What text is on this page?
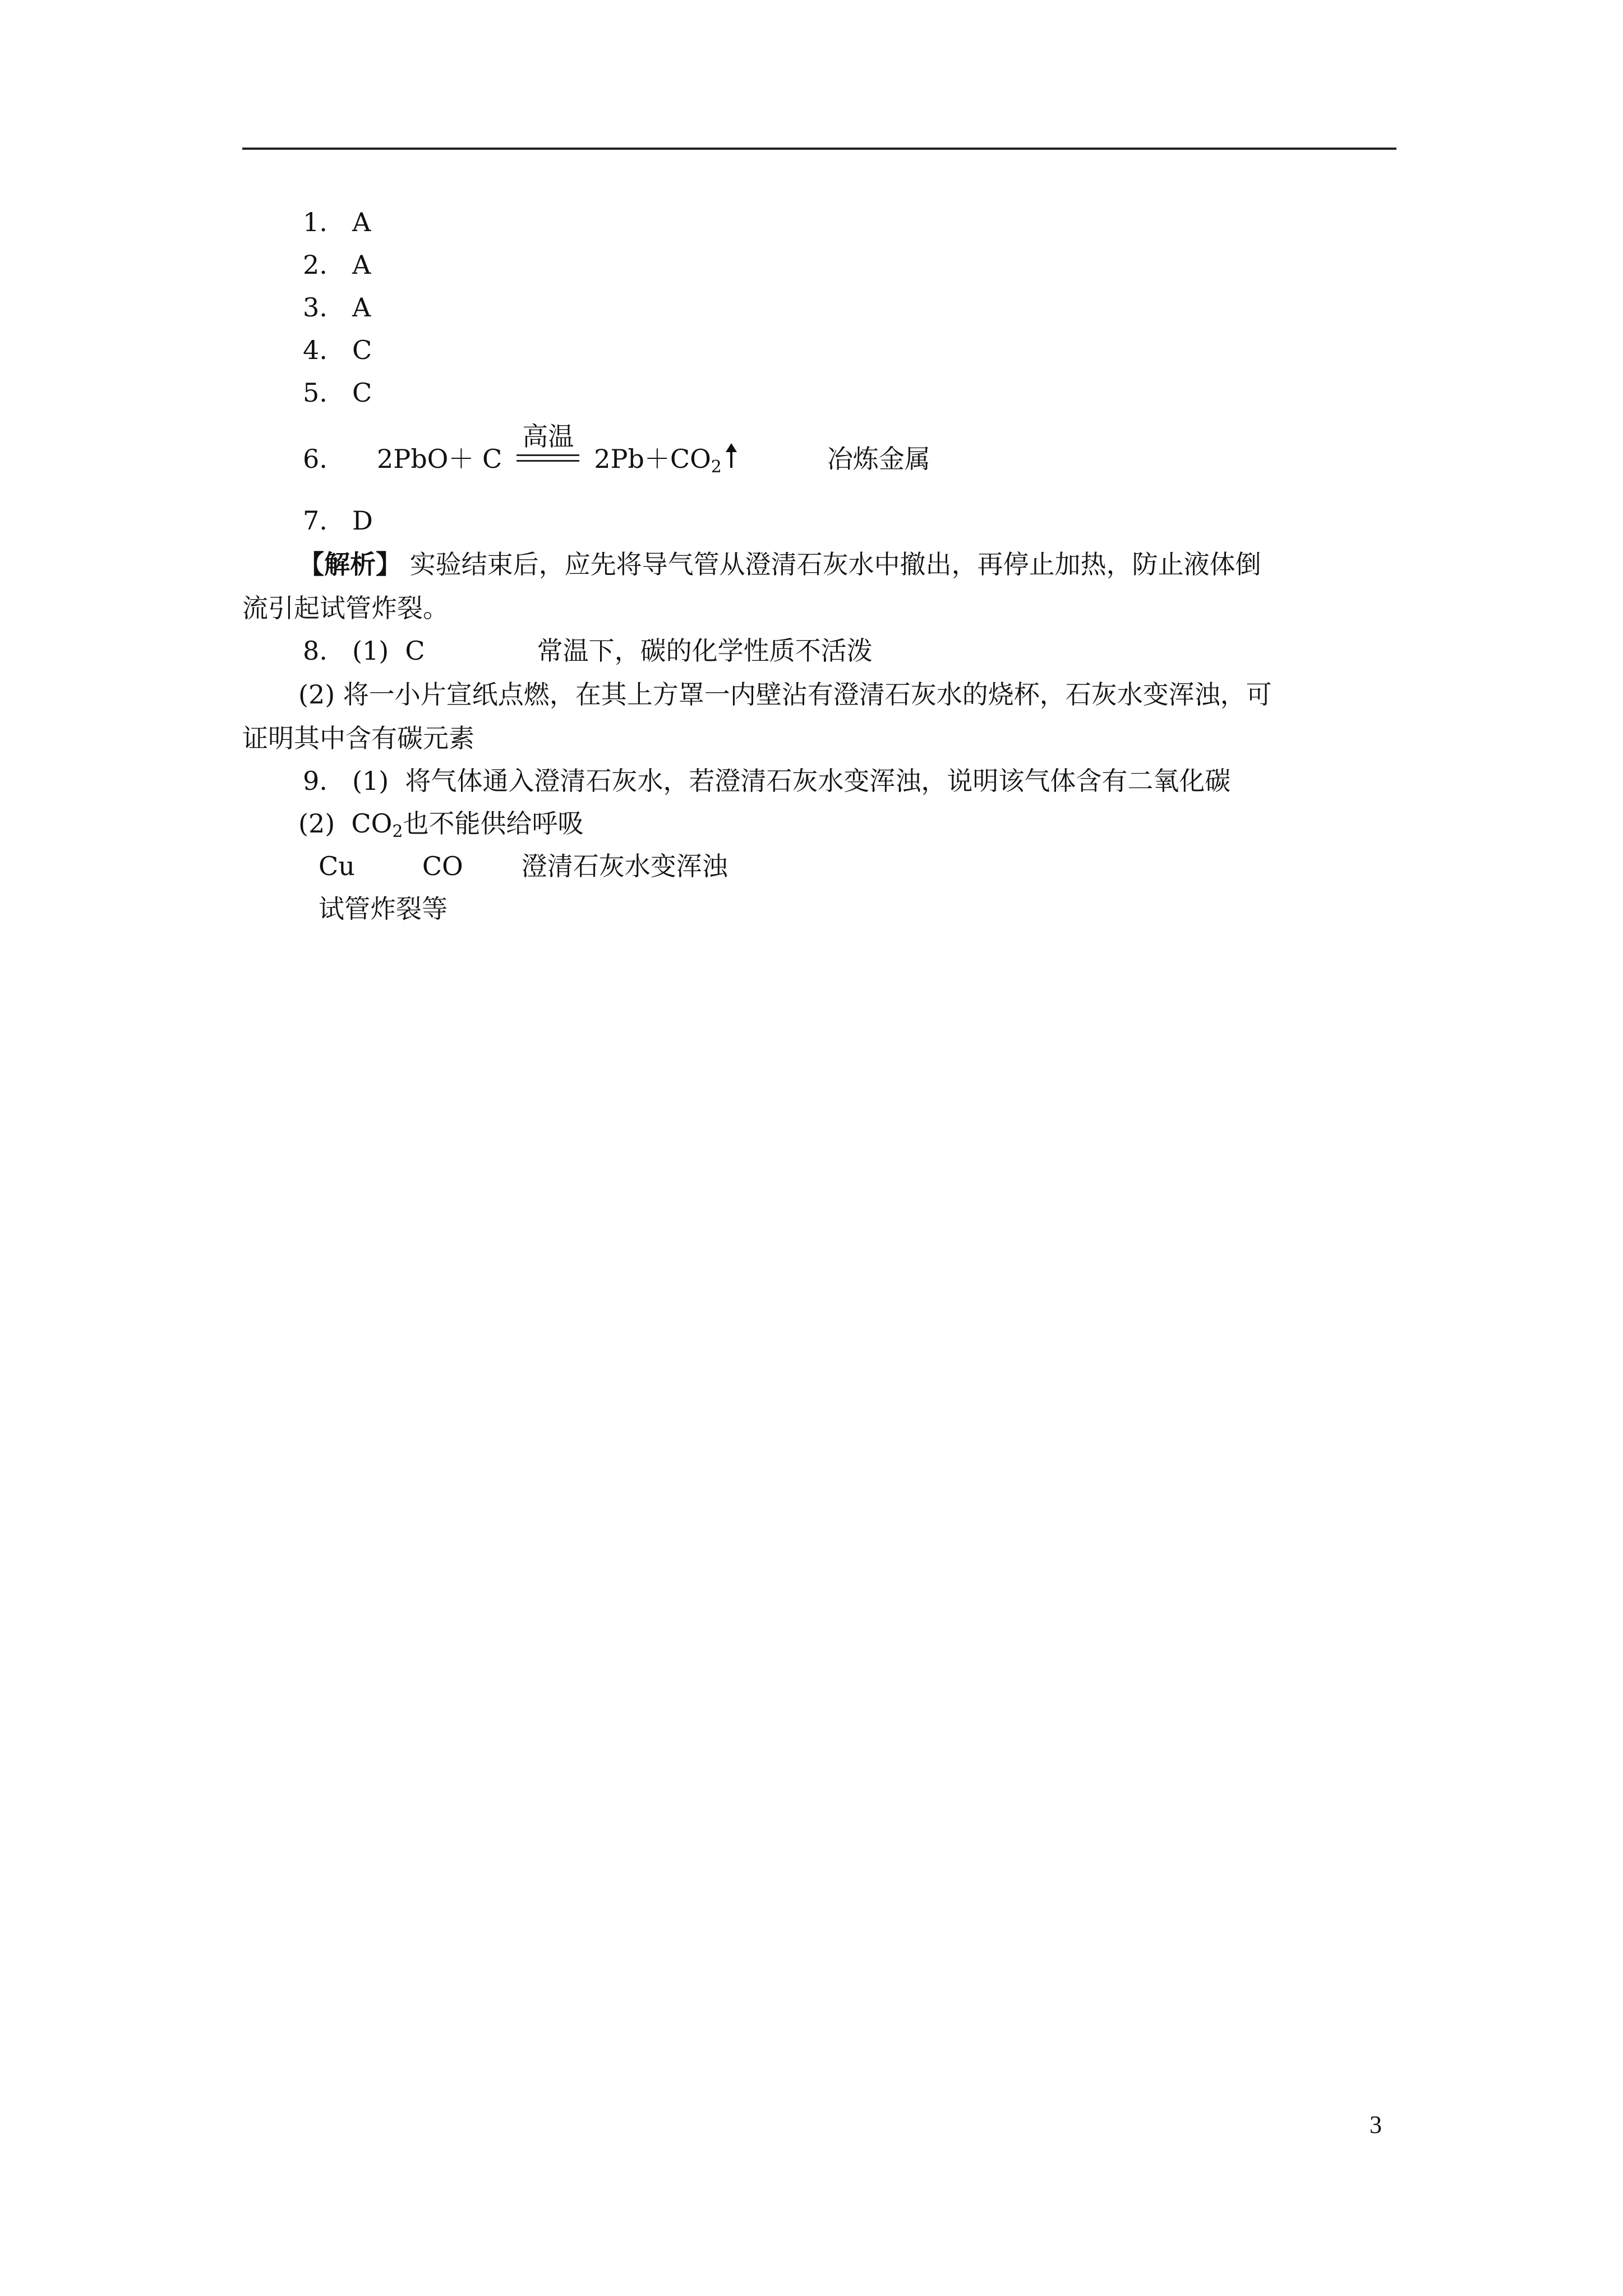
1. A
2. A
3. A
4. C
5. C
6. 2PbO＋ C
高温
$2Pb+CO_2$	冶炼金属
7. D
【解析】 实验结束后，应先将导气管从澄清石灰水中撤出，再停止加热，防止液体倒
流引起试管炸裂。
8. (1) C	常温下，碳的化学性质不活泼
(2) 将一小片宣纸点燃，在其上方罩一内壁沾有澄清石灰水的烧杯，石灰水变浑浊，可
证明其中含有碳元素
9. (1) 将气体通入澄清石灰水，若澄清石灰水变浑浊，说明该气体含有二氧化碳
(2) $CO_2$也不能供给呼吸
Cu	CO 澄清石灰水变浑浊
试管炸裂等
3
